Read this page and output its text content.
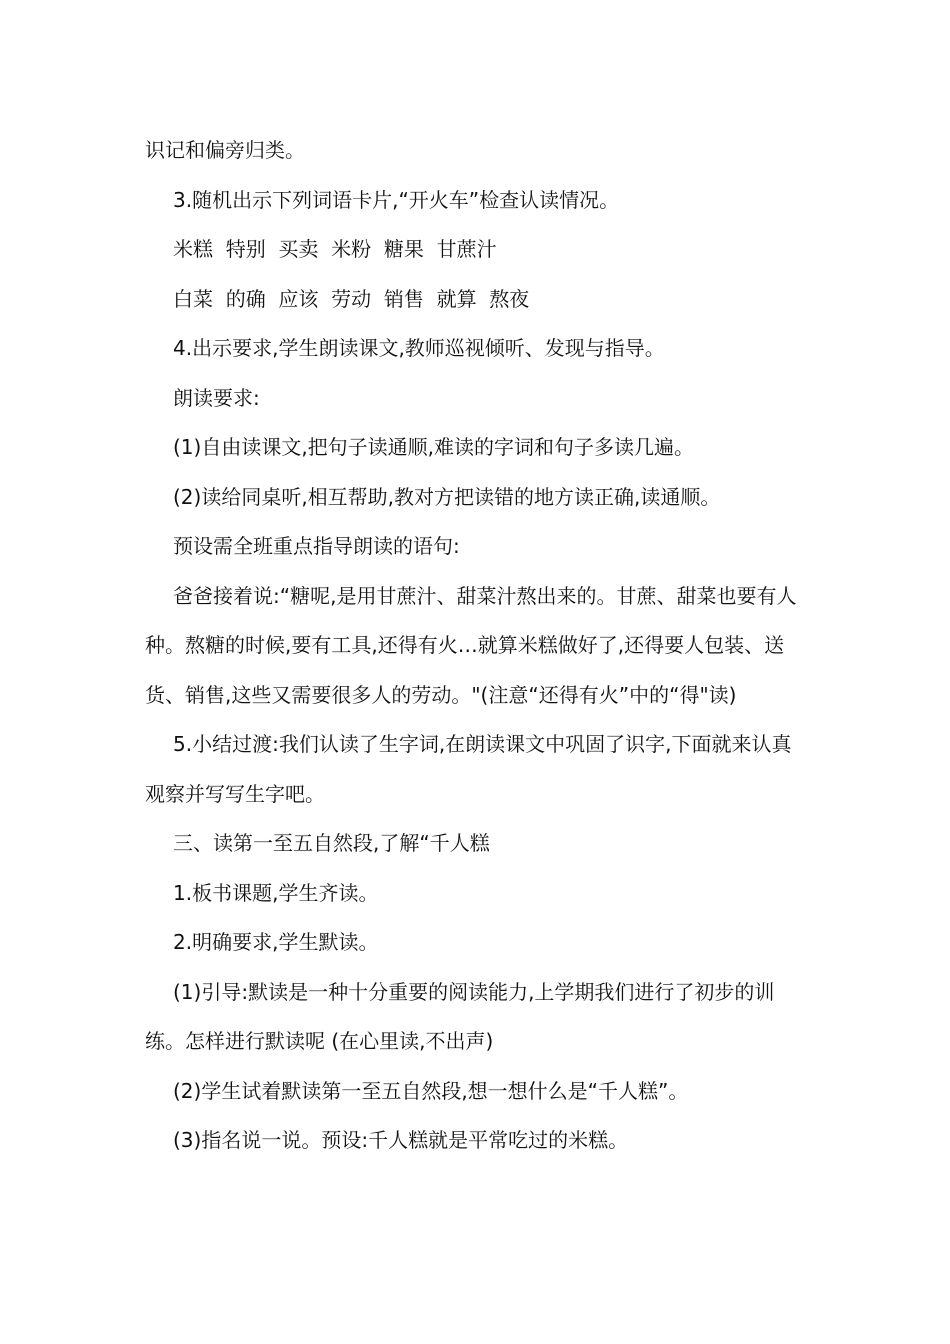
识记和偏旁归类。

3.随机出示下列词语卡片,“开火车”检查认读情况。

米糕  特别  买卖  米粉  糖果  甘蔗汁

白菜  的确  应该  劳动  销售  就算  熬夜

4.出示要求,学生朗读课文,教师巡视倾听、发现与指导。

朗读要求:

(1)自由读课文,把句子读通顺,难读的字词和句子多读几遍。

(2)读给同桌听,相互帮助,教对方把读错的地方读正确,读通顺。

预设需全班重点指导朗读的语句:

爸爸接着说:“糖呢,是用甘蔗汁、甜菜汁熬出来的。甘蔗、甜菜也要有人种。熬糖的时候,要有工具,还得有火…就算米糕做好了,还得要人包装、送货、销售,这些又需要很多人的劳动。"(注意“还得有火”中的“得"读)

5.小结过渡:我们认读了生字词,在朗读课文中巩固了识字,下面就来认真观察并写写生字吧。

三、读第一至五自然段,了解“千人糕

1.板书课题,学生齐读。

2.明确要求,学生默读。

(1)引导:默读是一种十分重要的阅读能力,上学期我们进行了初步的训练。怎样进行默读呢 (在心里读,不出声)

(2)学生试着默读第一至五自然段,想一想什么是“千人糕”。

(3)指名说一说。预设:千人糕就是平常吃过的米糕。
